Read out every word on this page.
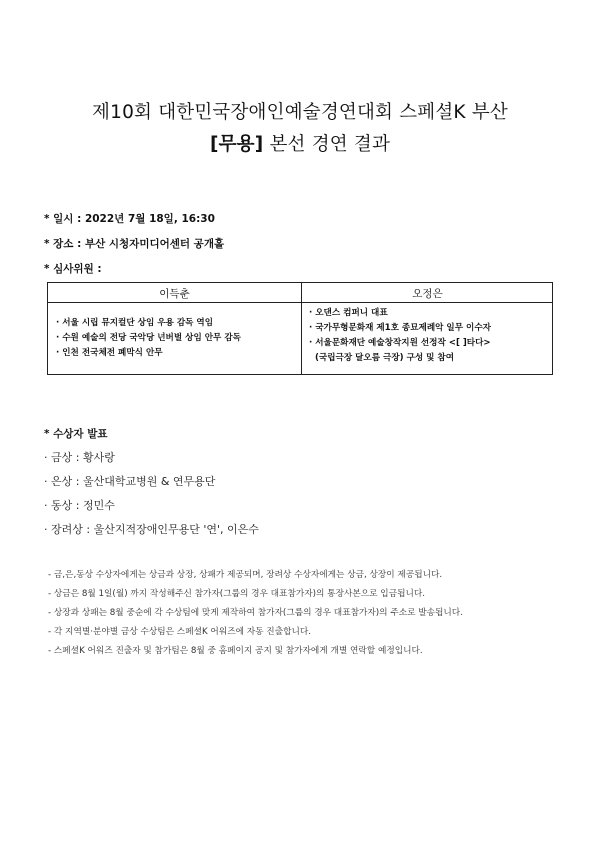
제10회 대한민국장애인예술경연대회 스페셜K 부산
[무용] 본선 경연 결과
* 일시 : 2022년 7월 18일, 16:30
* 장소 : 부산 시청자미디어센터 공개홀
* 심사위원 :
이득춘	오정은
· 서울 시립 뮤지컬단 상임 우용 감독 역임
· 수원 예술의 전당 국악당 넌버벌 상임 안무 감독
· 인천 전국체전 폐막식 안무
· 오댄스 컴퍼니 대표
· 국가무형문화재 제1호 종묘제례악 일무 이수자
· 서울문화재단 예술창작지원 선정작 <[ ]타다>
(국립극장 달오름 극장) 구성 및 참여
* 수상자 발표
· 금상 : 황사랑
· 은상 : 울산대학교병원 & 연무용단
· 동상 : 정민수
· 장려상 : 울산지적장애인무용단 '연', 이은수
- 금,은,동상 수상자에게는 상금과 상장, 상패가 제공되며, 장려상 수상자에게는 상금, 상장이 제공됩니다.
- 상금은 8월 1일(월) 까지 작성해주신 참가자(그룹의 경우 대표참가자)의 통장사본으로 입금됩니다.
- 상장과 상패는 8월 중순에 각 수상팀에 맞게 제작하여 참가자(그룹의 경우 대표참가자)의 주소로 발송됩니다.
- 각 지역별·분야별 금상 수상팀은 스페셜K 어워즈에 자동 진출합니다.
- 스페셜K 어워즈 진출자 및 참가팀은 8월 중 홈페이지 공지 및 참가자에게 개별 연락할 예정입니다.
